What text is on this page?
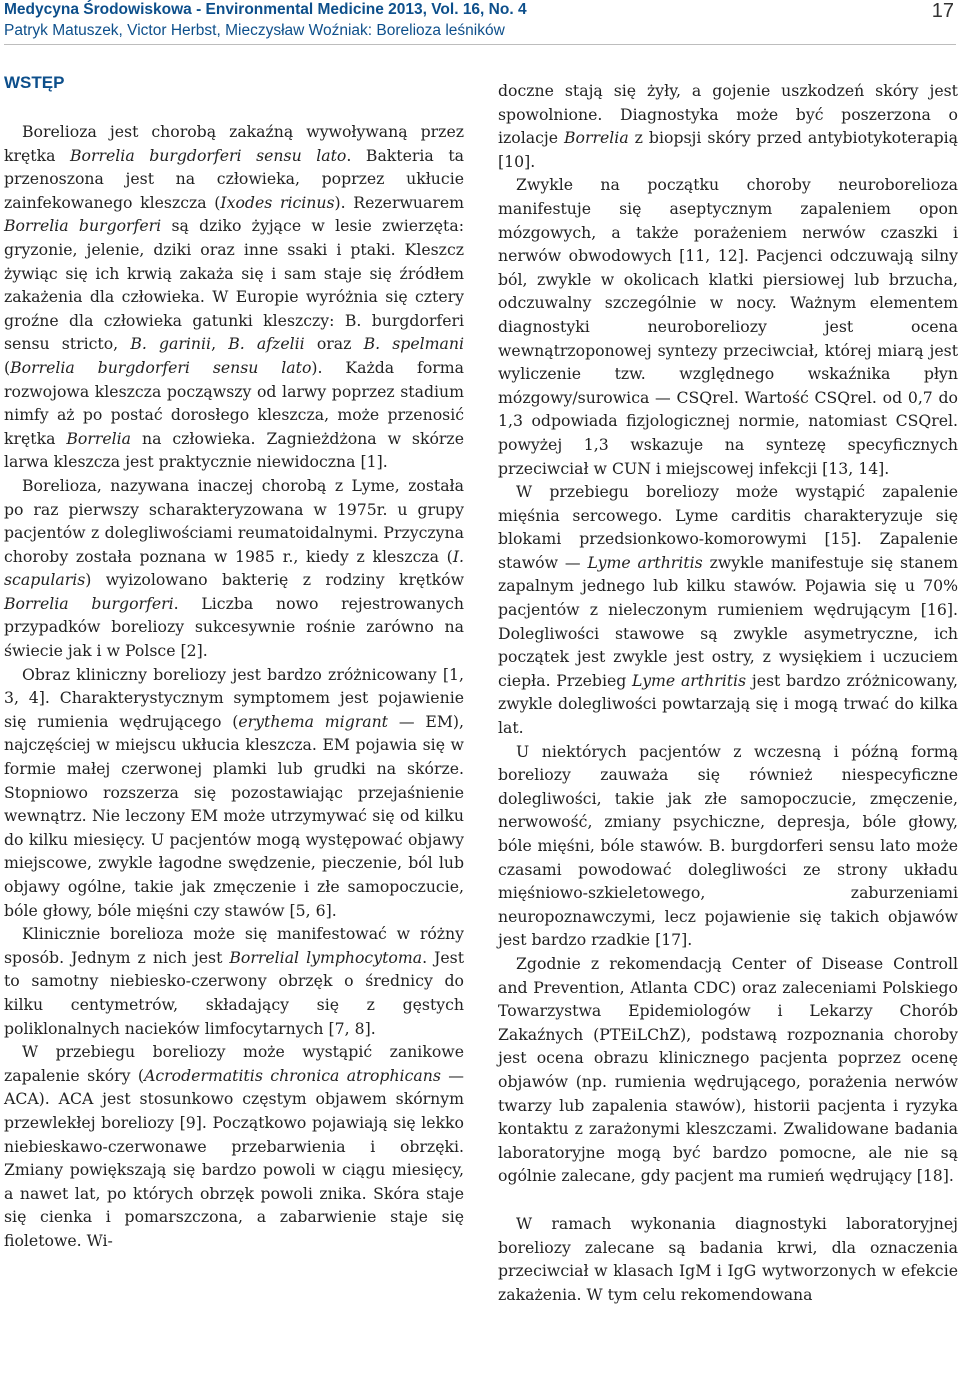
Medycyna Środowiskowa - Environmental Medicine 2013, Vol. 16, No. 4
Patryk Matuszek, Victor Herbst, Mieczysław Woźniak: Borelioza leśników
17
WSTĘP

Borelioza jest chorobą zakaźną wywoływaną przez krętka Borrelia burgdorferi sensu lato. Bakteria ta przenoszona jest na człowieka, poprzez ukłucie zainfekowanego kleszcza (Ixodes ricinus). Rezerwuarem Borrelia burgorferi są dziko żyjące w lesie zwierzęta: gryzonie, jelenie, dziki oraz inne ssaki i ptaki. Kleszcz żywiąc się ich krwią zakaża się i sam staje się źródłem zakażenia dla człowieka. W Europie wyróżnia się cztery groźne dla człowieka gatunki kleszczy: B. burgdorferi sensu stricto, B. garinii, B. afzelii oraz B. spelmani (Borrelia burgdorferi sensu lato). Każda forma rozwojowa kleszcza począwszy od larwy poprzez stadium nimfy aż po postać dorosłego kleszcza, może przenosić krętka Borrelia na człowieka. Zagnieżdżona w skórze larwa kleszcza jest praktycznie niewidoczna [1].

Borelioza, nazywana inaczej chorobą z Lyme, została po raz pierwszy scharakteryzowana w 1975r. u grupy pacjentów z dolegliwościami reumatoidalnymi. Przyczyna choroby została poznana w 1985 r., kiedy z kleszcza (I. scapularis) wyizolowano bakterię z rodziny krętków Borrelia burgorferi. Liczba nowo rejestrowanych przypadków boreliozy sukcesywnie rośnie zarówno na świecie jak i w Polsce [2].

Obraz kliniczny boreliozy jest bardzo zróżnicowany [1, 3, 4]. Charakterystycznym symptomem jest pojawienie się rumienia wędrującego (erythema migrant — EM), najczęściej w miejscu ukłucia kleszcza. EM pojawia się w formie małej czerwonej plamki lub grudki na skórze. Stopniowo rozszerza się pozostawiając przejaśnienie wewnątrz. Nie leczony EM może utrzymywać się od kilku do kilku miesięcy. U pacjentów mogą występować objawy miejscowe, zwykle łagodne swędzenie, pieczenie, ból lub objawy ogólne, takie jak zmęczenie i złe samopoczucie, bóle głowy, bóle mięśni czy stawów [5, 6].

Klinicznie borelioza może się manifestować w różny sposób. Jednym z nich jest Borrelial lymphocytoma. Jest to samotny niebiesko-czerwony obrzęk o średnicy do kilku centymetrów, składający się z gęstych poliklonalnych nacieków limfocytarnych [7, 8].

W przebiegu boreliozy może wystąpić zanikowe zapalenie skóry (Acrodermatitis chronica atrophicans — ACA). ACA jest stosunkowo częstym objawem skórnym przewlekłej boreliozy [9]. Początkowo pojawiają się lekko niebieskawo-czerwonawe przebarwienia i obrzęki. Zmiany powiększają się bardzo powoli w ciągu miesięcy, a nawet lat, po których obrzęk powoli znika. Skóra staje się cienka i pomarszczona, a zabarwienie staje się fioletowe. Wi-

doczne stają się żyły, a gojenie uszkodzeń skóry jest spowolnione. Diagnostyka może być poszerzona o izolacje Borrelia z biopsji skóry przed antybiotykoterapią [10].

Zwykle na początku choroby neuroborelioza manifestuje się aseptycznym zapaleniem opon mózgowych, a także porażeniem nerwów czaszki i nerwów obwodowych [11, 12]. Pacjenci odczuwają silny ból, zwykle w okolicach klatki piersiowej lub brzucha, odczuwalny szczególnie w nocy. Ważnym elementem diagnostyki neuroboreliozy jest ocena wewnątrzoponowej syntezy przeciwciał, której miarą jest wyliczenie tzw. względnego wskaźnika płyn mózgowy/surowica — CSQrel. Wartość CSQrel. od 0,7 do 1,3 odpowiada fizjologicznej normie, natomiast CSQrel. powyżej 1,3 wskazuje na syntezę specyficznych przeciwciał w CUN i miejscowej infekcji [13, 14].

W przebiegu boreliozy może wystąpić zapalenie mięśnia sercowego. Lyme carditis charakteryzuje się blokami przedsionkowo-komorowymi [15]. Zapalenie stawów — Lyme arthritis zwykle manifestuje się stanem zapalnym jednego lub kilku stawów. Pojawia się u 70% pacjentów z nieleczonym rumieniem wędrującym [16]. Dolegliwości stawowe są zwykle asymetryczne, ich początek jest zwykle jest ostry, z wysiękiem i uczuciem ciepła. Przebieg Lyme arthritis jest bardzo zróżnicowany, zwykle dolegliwości powtarzają się i mogą trwać do kilka lat.

U niektórych pacjentów z wczesną i późną formą boreliozy zauważa się również niespecyficzne dolegliwości, takie jak złe samopoczucie, zmęczenie, nerwowość, zmiany psychiczne, depresja, bóle głowy, bóle mięśni, bóle stawów. B. burgdorferi sensu lato może czasami powodować dolegliwości ze strony układu mięśniowo-szkieletowego, zaburzeniami neuropoznawczymi, lecz pojawienie się takich objawów jest bardzo rzadkie [17].

Zgodnie z rekomendacją Center of Disease Controll and Prevention, Atlanta CDC) oraz zaleceniami Polskiego Towarzystwa Epidemiologów i Lekarzy Chorób Zakaźnych (PTEiLChZ), podstawą rozpoznania choroby jest ocena obrazu klinicznego pacjenta poprzez ocenę objawów (np. rumienia wędrującego, porażenia nerwów twarzy lub zapalenia stawów), historii pacjenta i ryzyka kontaktu z zarażonymi kleszczami. Zwalidowane badania laboratoryjne mogą być bardzo pomocne, ale nie są ogólnie zalecane, gdy pacjent ma rumień wędrujący [18].

W ramach wykonania diagnostyki laboratoryjnej boreliozy zalecane są badania krwi, dla oznaczenia przeciwciał w klasach IgM i IgG wytworzonych w efekcie zakażenia. W tym celu rekomendowana
